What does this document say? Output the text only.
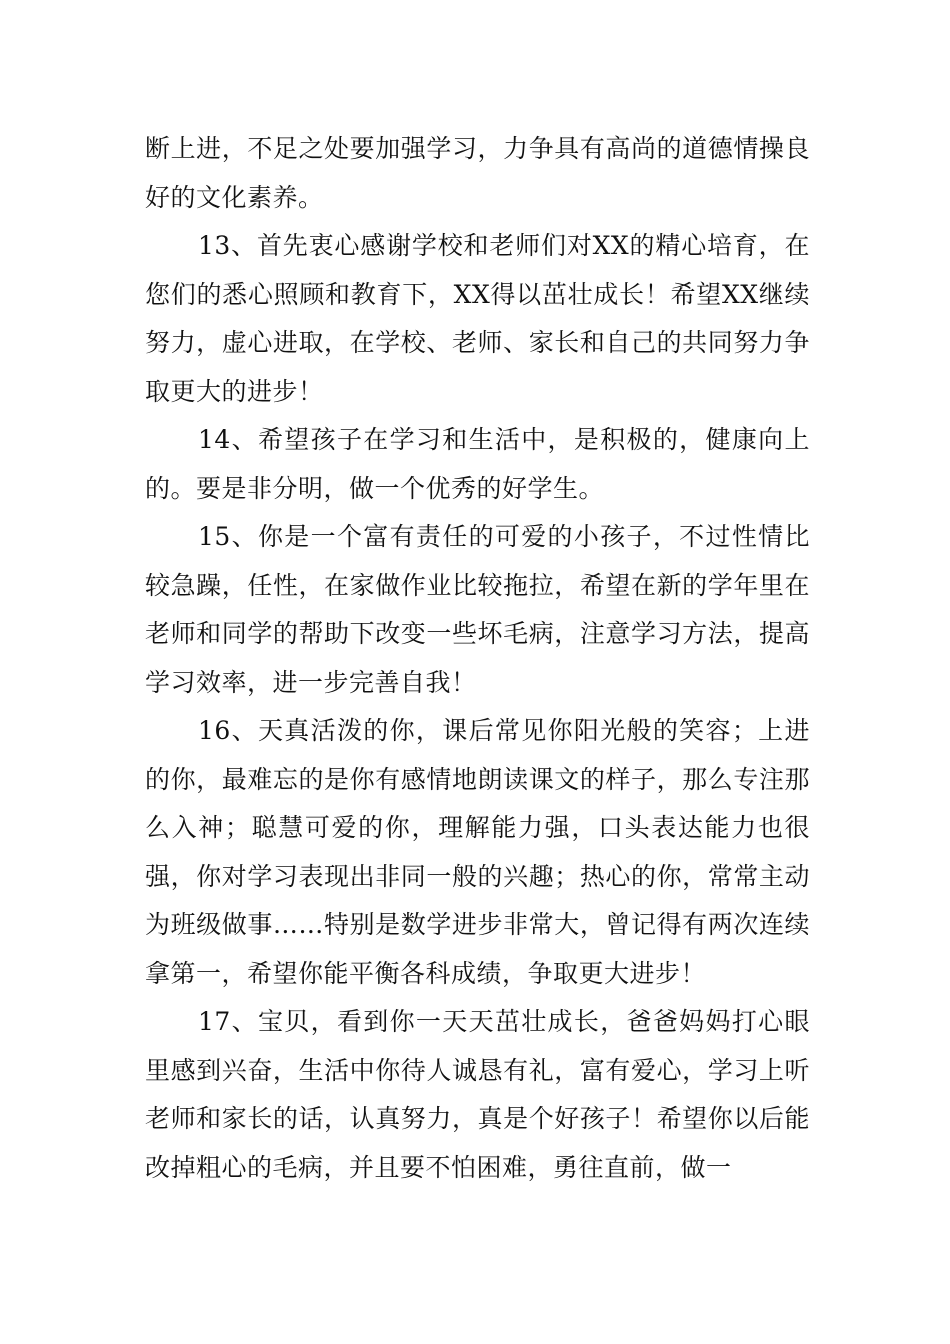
断上进，不足之处要加强学习，力争具有高尚的道德情操良好的文化素养。

13、首先衷心感谢学校和老师们对XX的精心培育，在您们的悉心照顾和教育下，XX得以茁壮成长！希望XX继续努力，虚心进取，在学校、老师、家长和自己的共同努力争取更大的进步！

14、希望孩子在学习和生活中，是积极的，健康向上的。要是非分明，做一个优秀的好学生。

15、你是一个富有责任的可爱的小孩子，不过性情比较急躁，任性，在家做作业比较拖拉，希望在新的学年里在老师和同学的帮助下改变一些坏毛病，注意学习方法，提高学习效率，进一步完善自我！

16、天真活泼的你，课后常见你阳光般的笑容；上进的你，最难忘的是你有感情地朗读课文的样子，那么专注那么入神；聪慧可爱的你，理解能力强，口头表达能力也很强，你对学习表现出非同一般的兴趣；热心的你，常常主动为班级做事……特别是数学进步非常大，曾记得有两次连续拿第一，希望你能平衡各科成绩，争取更大进步！

17、宝贝，看到你一天天茁壮成长，爸爸妈妈打心眼里感到兴奋，生活中你待人诚恳有礼，富有爱心，学习上听老师和家长的话，认真努力，真是个好孩子！希望你以后能改掉粗心的毛病，并且要不怕困难，勇往直前，做一
